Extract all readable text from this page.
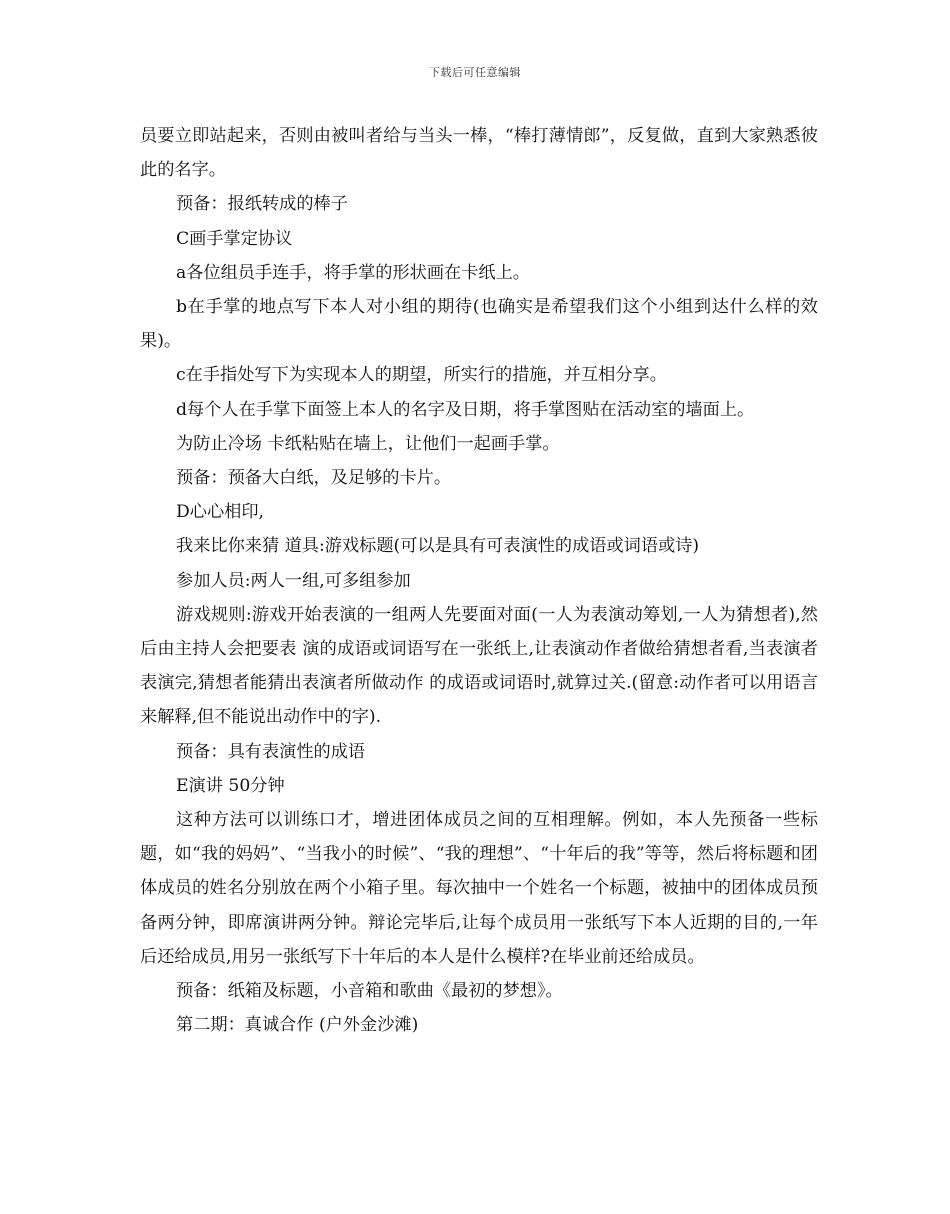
下载后可任意编辑

员要立即站起来，否则由被叫者给与当头一棒，“棒打薄情郎”，反复做，直到大家熟悉彼此的名字。

预备：报纸转成的棒子

C画手掌定协议

a各位组员手连手，将手掌的形状画在卡纸上。

b在手掌的地点写下本人对小组的期待(也确实是希望我们这个小组到达什么样的效果)。

c在手指处写下为实现本人的期望，所实行的措施，并互相分享。

d每个人在手掌下面签上本人的名字及日期，将手掌图贴在活动室的墙面上。

为防止冷场 卡纸粘贴在墙上，让他们一起画手掌。

预备：预备大白纸，及足够的卡片。

D心心相印,

我来比你来猜 道具:游戏标题(可以是具有可表演性的成语或词语或诗)

参加人员:两人一组,可多组参加

游戏规则:游戏开始表演的一组两人先要面对面(一人为表演动筹划,一人为猜想者),然后由主持人会把要表 演的成语或词语写在一张纸上,让表演动作者做给猜想者看,当表演者表演完,猜想者能猜出表演者所做动作 的成语或词语时,就算过关.(留意:动作者可以用语言来解释,但不能说出动作中的字).

预备：具有表演性的成语

E演讲 50分钟

这种方法可以训练口才，增进团体成员之间的互相理解。例如，本人先预备一些标题，如“我的妈妈”、“当我小的时候”、“我的理想”、“十年后的我”等等，然后将标题和团体成员的姓名分别放在两个小箱子里。每次抽中一个姓名一个标题，被抽中的团体成员预备两分钟，即席演讲两分钟。辩论完毕后,让每个成员用一张纸写下本人近期的目的,一年后还给成员,用另一张纸写下十年后的本人是什么模样?在毕业前还给成员。

预备：纸箱及标题，小音箱和歌曲《最初的梦想》。

第二期：真诚合作 (户外金沙滩)
